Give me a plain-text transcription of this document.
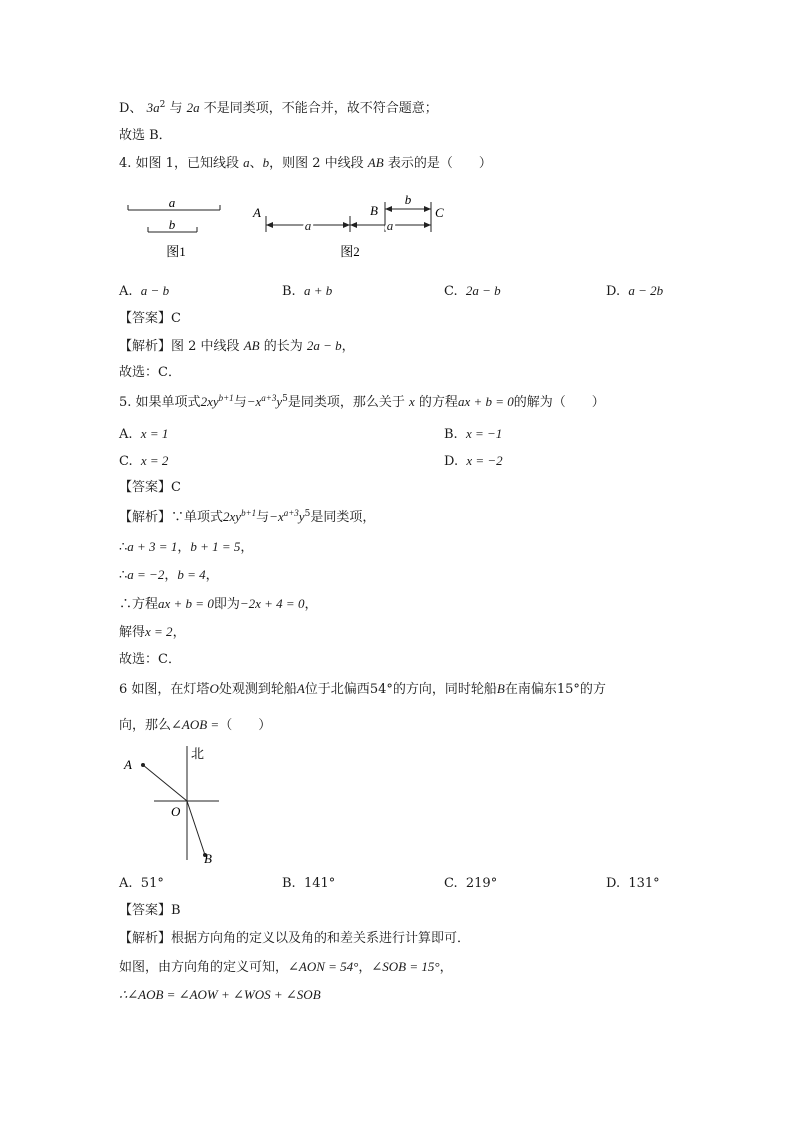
D、 $3a^2$ 与 2a 不是同类项，不能合并，故不符合题意；
故选 B．
4. 如图 1，已知线段 a、b，则图 2 中线段 AB 表示的是（　　）
a
b
图1
A	B	C
a	a
b
图2
A. a − b	B. a + b	C. 2a − b	D. a − 2b
【答案】C
【解析】图 2 中线段 AB 的长为 2a − b，
故选：C．
5. 如果单项式$2xy^{b+1}$与$-x^{a+3}y^5$是同类项，那么关于 x 的方程ax + b = 0的解为（　　）
A. x = 1	B. x = −1
C. x = 2	D. x = −2
【答案】C
【解析】∵单项式$2xy^{b+1}$与$-x^{a+3}y^5$是同类项，
∴a + 3 = 1，b + 1 = 5，
∴a = −2，b = 4，
∴方程ax + b = 0即为−2x + 4 = 0，
解得x = 2，
故选：C．
6 如图，在灯塔O处观测到轮船A位于北偏西54°的方向，同时轮船B在南偏东15°的方
向，那么∠AOB =（　　）
A
B
O
北
A. 51°	B. 141°	C. 219°	D. 131°
【答案】B
【解析】根据方向角的定义以及角的和差关系进行计算即可．
如图，由方向角的定义可知，∠AON = 54°，∠SOB = 15°，
∴∠AOB = ∠AOW + ∠WOS + ∠SOB
